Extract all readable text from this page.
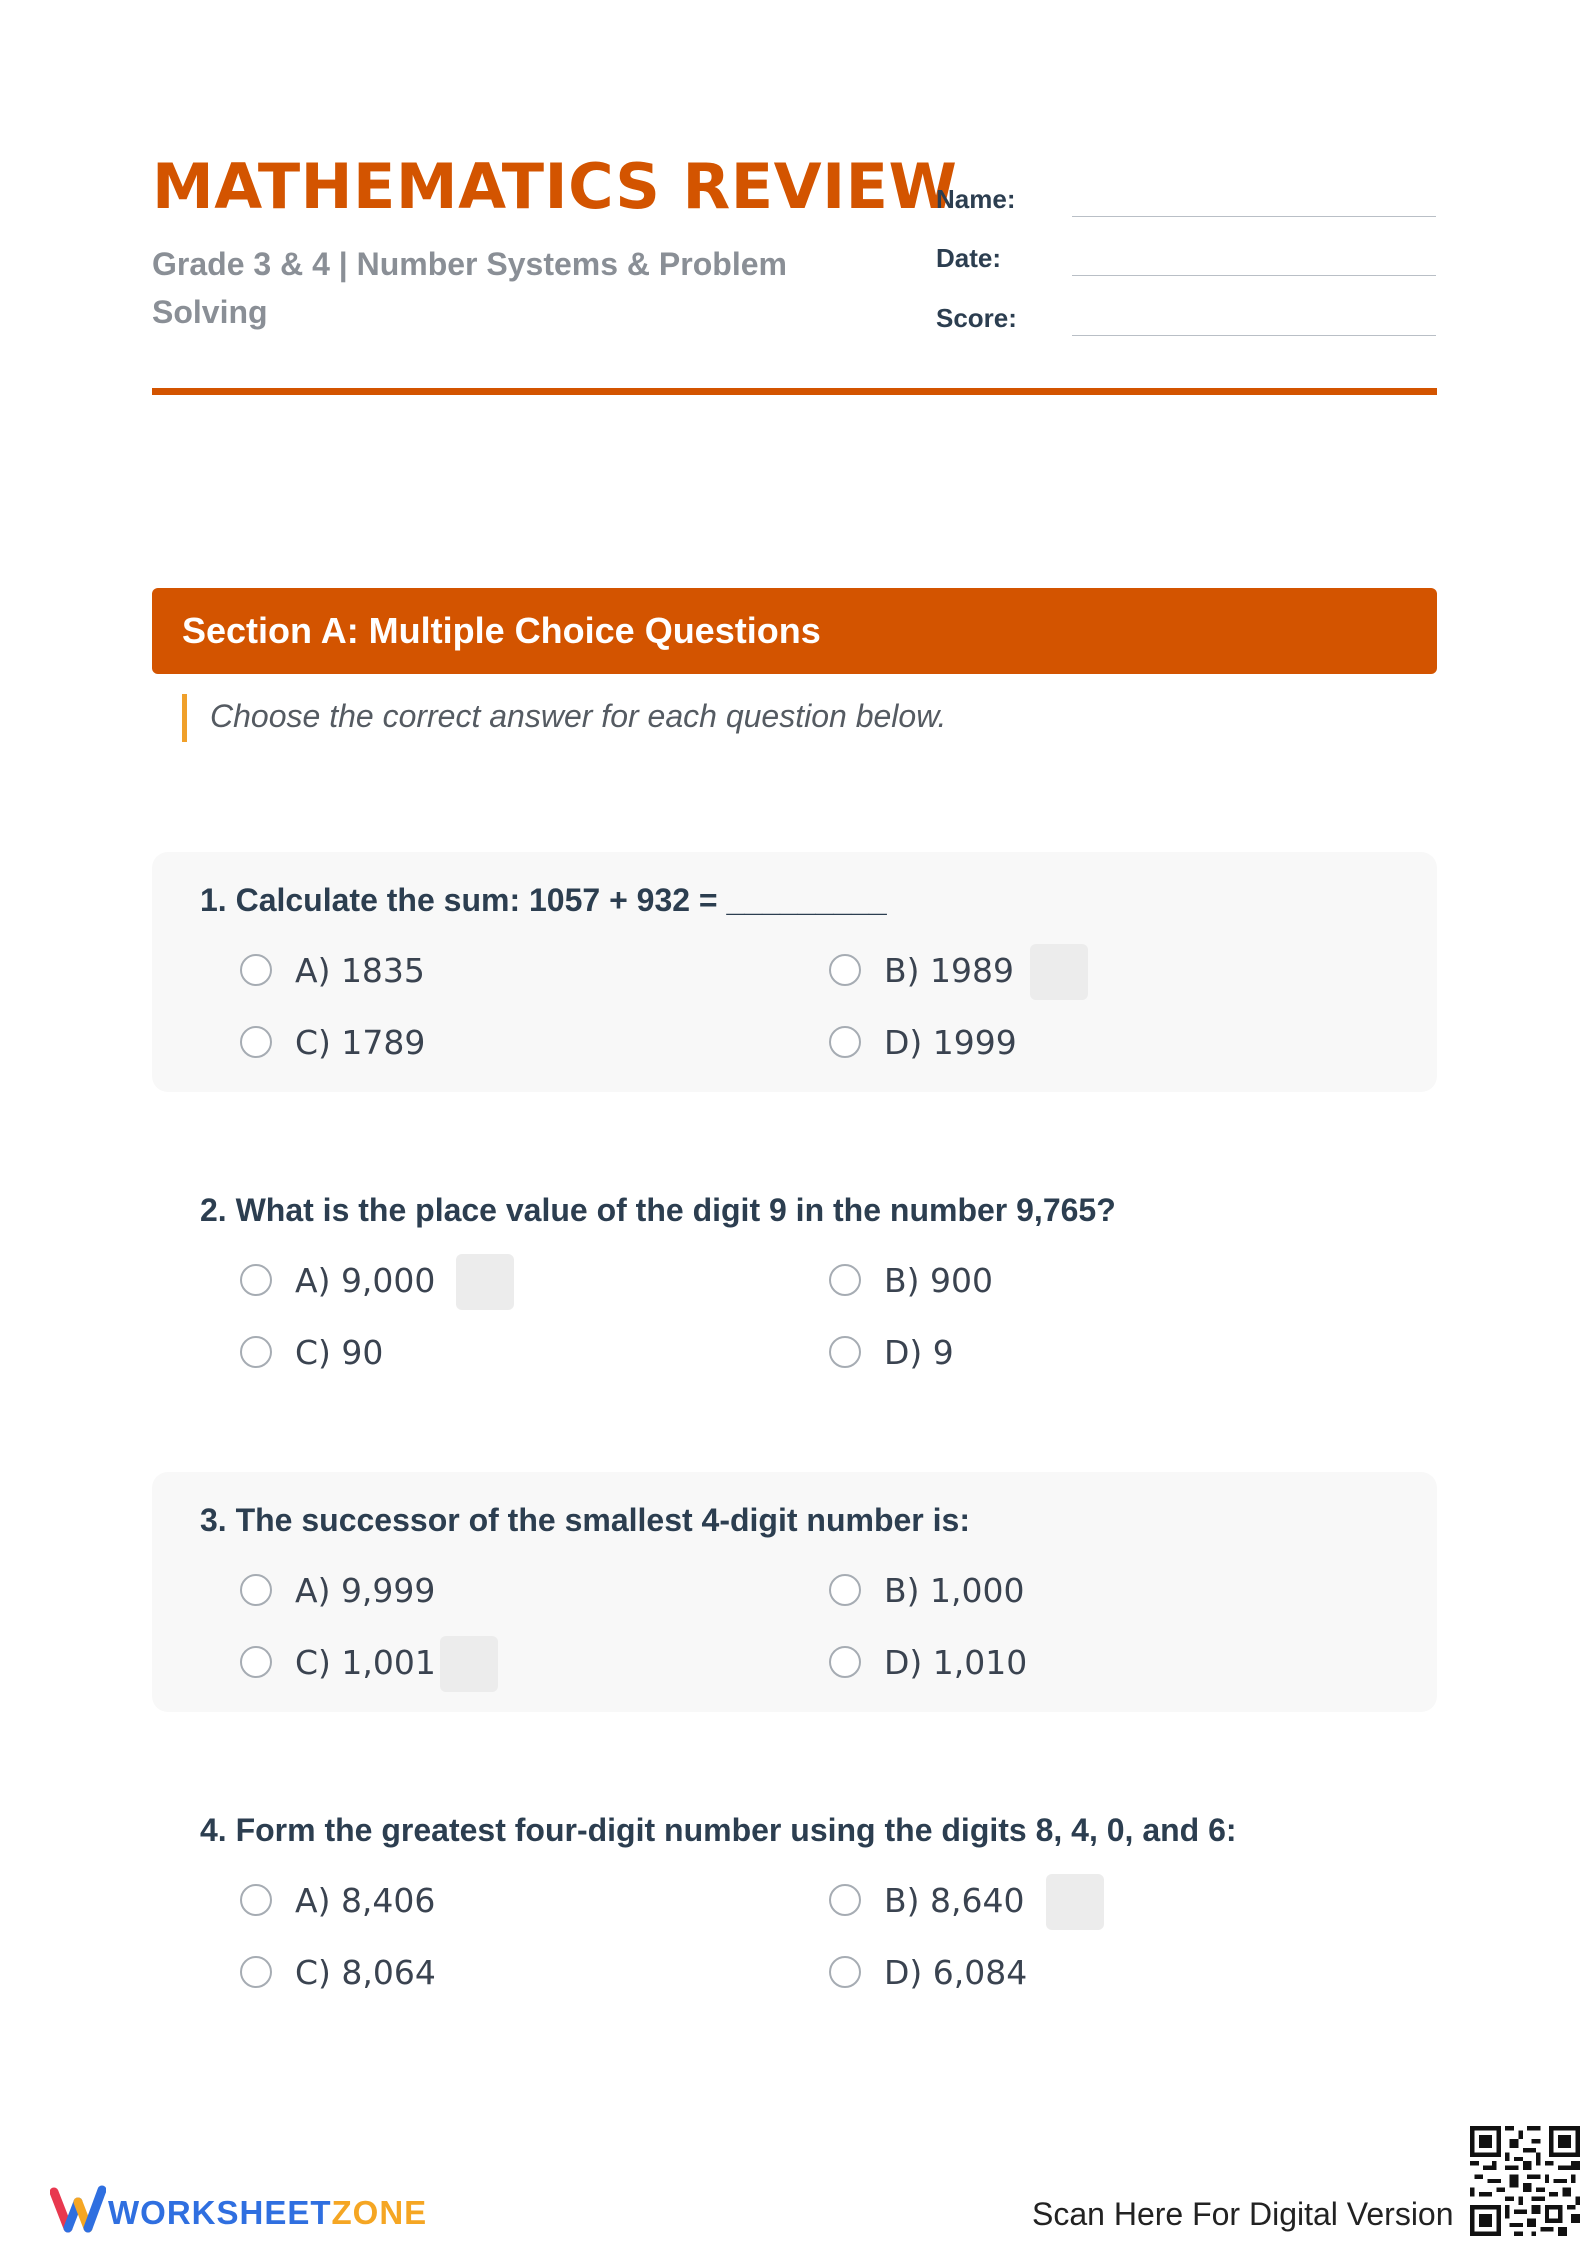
MATHEMATICS REVIEW
Grade 3 & 4 | Number Systems & Problem Solving
Name:
Date:
Score:
Section A: Multiple Choice Questions
Choose the correct answer for each question below.
1. Calculate the sum: 1057 + 932 = _________
A) 1835	B) 1989
C) 1789	D) 1999
2. What is the place value of the digit 9 in the number 9,765?
A) 9,000	B) 900
C) 90	D) 9
3. The successor of the smallest 4-digit number is:
A) 9,999	B) 1,000
C) 1,001	D) 1,010
4. Form the greatest four-digit number using the digits 8, 4, 0, and 6:
A) 8,406	B) 8,640
C) 8,064	D) 6,084
WORKSHEETZONE	Scan Here For Digital Version
